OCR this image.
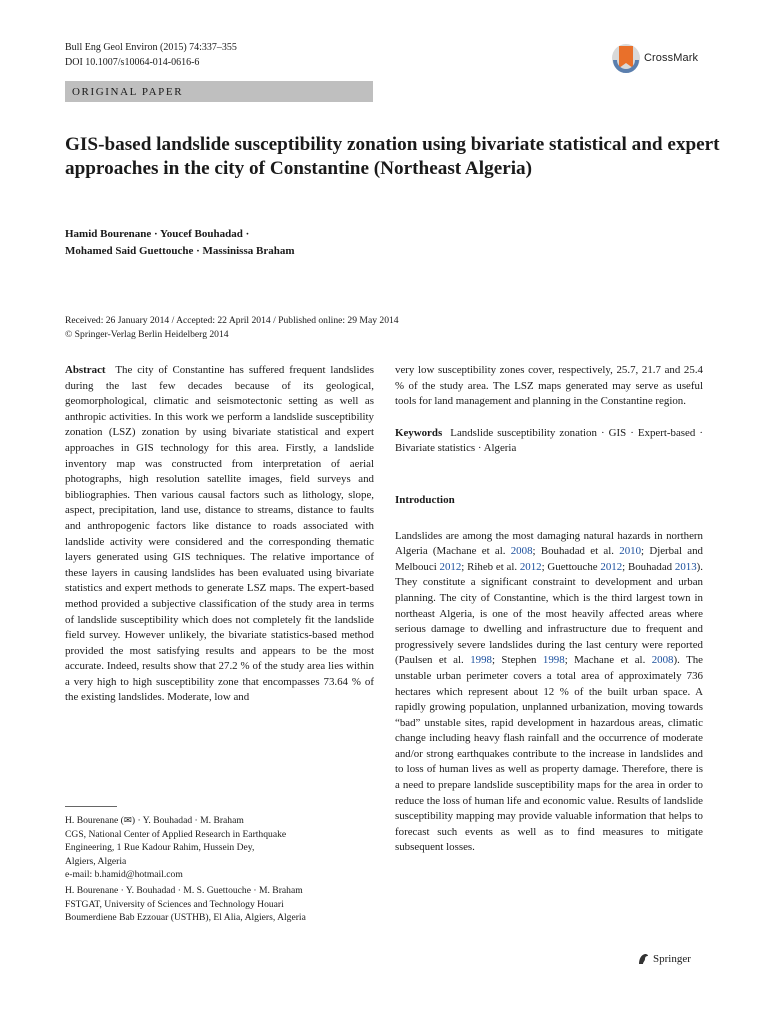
Bull Eng Geol Environ (2015) 74:337–355
DOI 10.1007/s10064-014-0616-6	CrossMark
ORIGINAL PAPER
GIS-based landslide susceptibility zonation using bivariate statistical and expert approaches in the city of Constantine (Northeast Algeria)
Hamid Bourenane · Youcef Bouhadad ·
Mohamed Said Guettouche · Massinissa Braham
Received: 26 January 2014 / Accepted: 22 April 2014 / Published online: 29 May 2014
© Springer-Verlag Berlin Heidelberg 2014

Abstract The city of Constantine has suffered frequent landslides during the last few decades because of its geological, geomorphological, climatic and seismotectonic setting as well as anthropic activities. In this work we perform a landslide susceptibility zonation (LSZ) zonation by using bivariate statistical and expert approaches in GIS technology for this area. Firstly, a landslide inventory map was constructed from interpretation of aerial photographs, high resolution satellite images, field surveys and bibliographies. Then various causal factors such as lithology, slope, aspect, precipitation, land use, distance to streams, distance to faults and anthropogenic factors like distance to roads associated with landslide activity were considered and the corresponding thematic layers generated using GIS techniques. The relative importance of these layers in causing landslides has been evaluated using bivariate statistics and expert methods to generate LSZ maps. The expert-based method provided a subjective classification of the study area in terms of landslide susceptibility which does not completely fit the landslide field survey. However unlikely, the bivariate statistics-based method provided the most satisfying results and appears to be the most accurate. Indeed, results show that 27.2 % of the study area lies within a very high to high susceptibility zone that encompasses 73.64 % of the existing landslides. Moderate, low and

H. Bourenane (✉) · Y. Bouhadad · M. Braham
CGS, National Center of Applied Research in Earthquake
Engineering, 1 Rue Kadour Rahim, Hussein Dey,
Algiers, Algeria
e-mail: b.hamid@hotmail.com
H. Bourenane · Y. Bouhadad · M. S. Guettouche · M. Braham
FSTGAT, University of Sciences and Technology Houari
Boumerdiene Bab Ezzouar (USTHB), El Alia, Algiers, Algeria

very low susceptibility zones cover, respectively, 25.7, 21.7 and 25.4 % of the study area. The LSZ maps generated may serve as useful tools for land management and planning in the Constantine region.

Keywords Landslide susceptibility zonation · GIS · Expert-based · Bivariate statistics · Algeria

Introduction

Landslides are among the most damaging natural hazards in northern Algeria (Machane et al. 2008; Bouhadad et al. 2010; Djerbal and Melbouci 2012; Riheb et al. 2012; Guettouche 2012; Bouhadad 2013). They constitute a significant constraint to development and urban planning. The city of Constantine, which is the third largest town in northeast Algeria, is one of the most heavily affected areas where serious damage to dwelling and infrastructure due to frequent and progressively severe landslides during the last century were reported (Paulsen et al. 1998; Stephen 1998; Machane et al. 2008). The unstable urban perimeter covers a total area of approximately 736 hectares which represent about 12 % of the built urban space. A rapidly growing population, unplanned urbanization, moving towards “bad” unstable sites, rapid development in hazardous areas, climatic change including heavy flash rainfall and the occurrence of moderate and/or strong earthquakes contribute to the increase in landslides and to loss of human lives as well as property damage. Therefore, there is a need to prepare landslide susceptibility maps for the area in order to reduce the loss of human life and economic value. Results of landslide susceptibility mapping may provide valuable information that helps to forecast such events as well as to find measures to mitigate subsequent losses.

Springer
